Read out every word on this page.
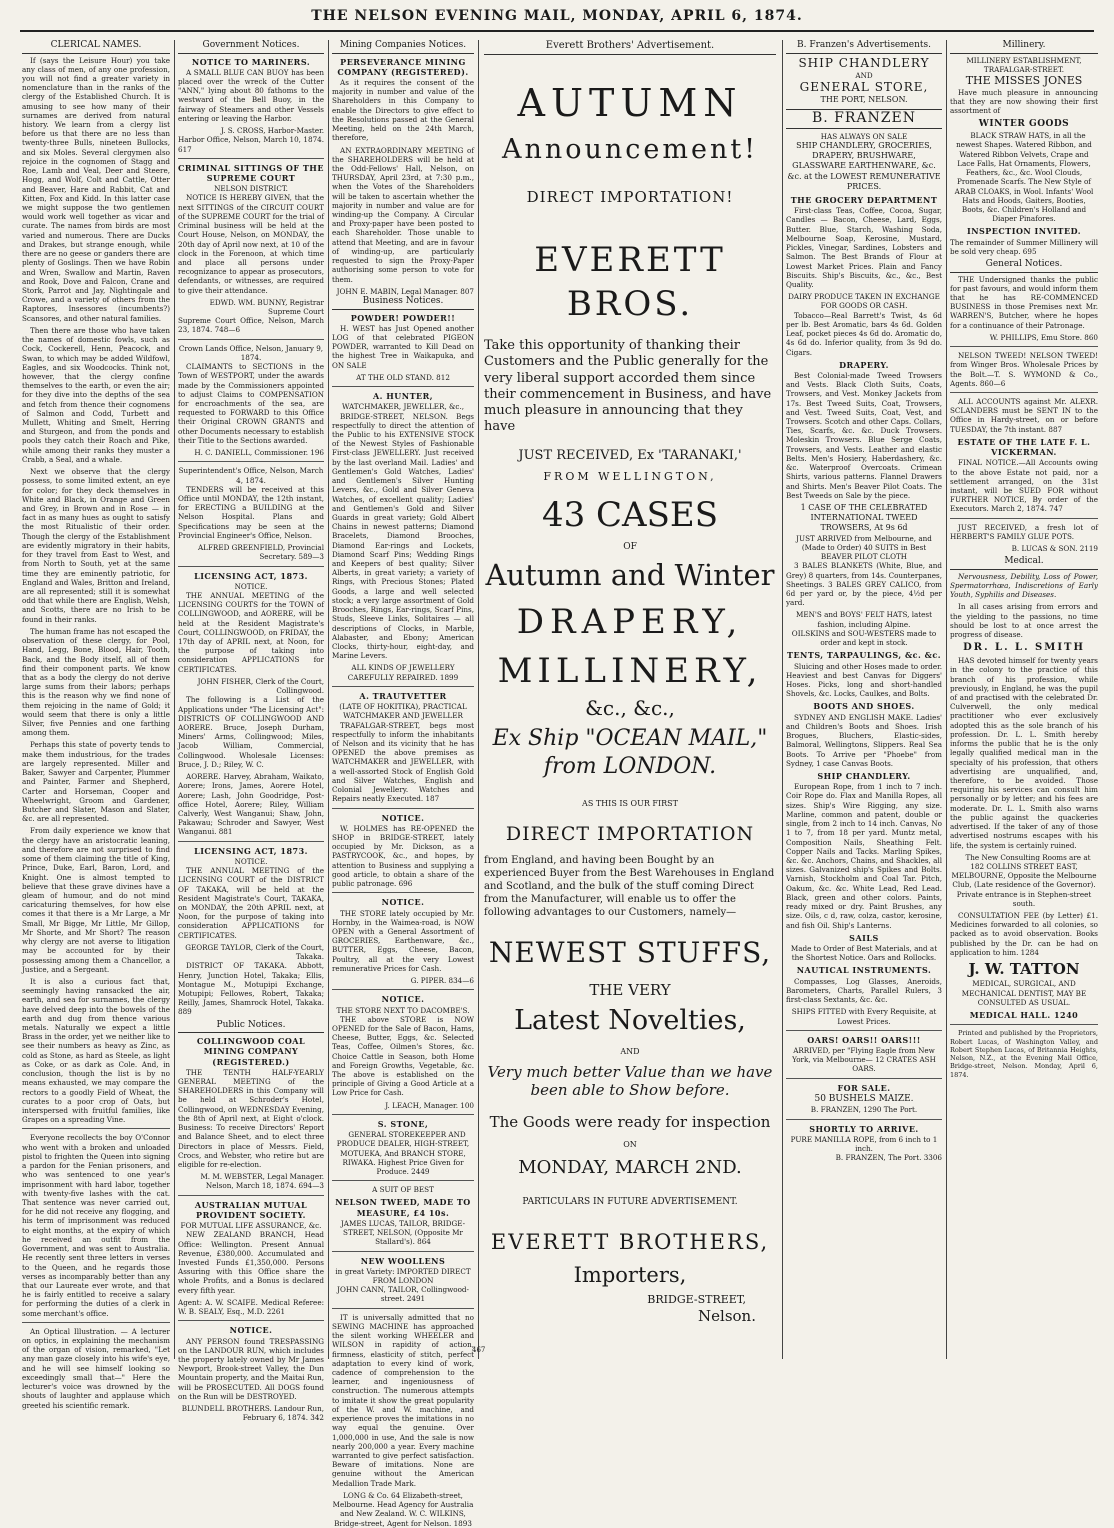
THE NELSON EVENING MAIL, MONDAY, APRIL 6, 1874.
CLERICAL NAMES.

If (says the Leisure Hour) you take any class of men, of any one profession, you will not find a greater variety in nomenclature than in the ranks of the clergy of the Established Church. It is amusing to see how many of their surnames are derived from natural history. We learn from a clergy list before us that there are no less than twenty-three Bulls, nineteen Bullocks, and six Moles. Several clergymen also rejoice in the cognomen of Stagg and Roe, Lamb and Veal, Deer and Steere, Hogg, and Wolf, Colt and Cattle, Otter and Beaver, Hare and Rabbit, Cat and Kitten, Fox and Kidd. In this latter case we might suppose the two gentlemen would work well together as vicar and curate. The names from birds are most varied and numerous. There are Ducks and Drakes, but strange enough, while there are no geese or ganders there are plenty of Goslings. Then we have Robin and Wren, Swallow and Martin, Raven and Rook, Dove and Falcon, Crane and Stork, Parrot and Jay, Nightingale and Crowe, and a variety of others from the Raptores, Insessores (incumbents?) Scansores, and other natural families.

Then there are those who have taken the names of domestic fowls, such as Cock, Cockerell, Henn, Peacock, and Swan, to which may be added Wildfowl, Eagles, and six Woodcocks. Think not, however, that the clergy confine themselves to the earth, or even the air; for they dive into the depths of the sea and fetch from thence their cognomens of Salmon and Codd, Turbett and Mullett, Whiting and Smelt, Herring and Sturgeon, and from the ponds and pools they catch their Roach and Pike, while among their ranks they muster a Crabb, a Seal, and a whale.

Next we observe that the clergy possess, to some limited extent, an eye for color; for they deck themselves in White and Black, in Orange and Green and Grey, in Brown and in Rose — in fact in as many hues as ought to satisfy the most Ritualistic of their order. Though the clergy of the Establishment are evidently migratory in their habits, for they travel from East to West, and from North to South, yet at the same time they are eminently patriotic, for England and Wales, Britton and Ireland, are all represented; still it is somewhat odd that while there are English, Welsh, and Scotts, there are no Irish to be found in their ranks.

The human frame has not escaped the observation of these clergy, for Pool, Hand, Legg, Bone, Blood, Hair, Tooth, Back, and the Body itself, all of them find their component parts. We know that as a body the clergy do not derive large sums from their labors; perhaps this is the reason why we find none of them rejoicing in the name of Gold; it would seem that there is only a little Silver, five Pennies and one farthing among them.

Perhaps this state of poverty tends to make them industrious, for the trades are largely represented. Miller and Baker, Sawyer and Carpenter, Plummer and Painter, Farmer and Shepherd, Carter and Horseman, Cooper and Wheelwright, Groom and Gardener, Butcher and Slater, Mason and Slater, &c. are all represented.

From daily experience we know that the clergy have an aristocratic leaning, and therefore are not surprised to find some of them claiming the title of King, Prince, Duke, Earl, Baron, Lord, and Knight. One is almost tempted to believe that these grave divines have a gleam of humour, and do not mind caricaturing themselves, for how else comes it that there is a Mr Large, a Mr Small, Mr Bigge, Mr Little, Mr Gillop, Mr Shorte, and Mr Short? The reason why clergy are not averse to litigation may be accounted for by their possessing among them a Chancellor, a Justice, and a Sergeant.

It is also a curious fact that, seemingly having ransacked the air, earth, and sea for surnames, the clergy have delved deep into the bowels of the earth and dug from thence various metals. Naturally we expect a little Brass in the order, yet we neither like to see their numbers as heavy as Zinc, as cold as Stone, as hard as Steele, as light as Coke, or as dark as Cole. And, in conclusion, though the list is by no means exhausted, we may compare the rectors to a goodly Field of Wheat, the curates to a poor crop of Oats, but interspersed with fruitful families, like Grapes on a spreading Vine.

Everyone recollects the boy O'Connor who went with a broken and unloaded pistol to frighten the Queen into signing a pardon for the Fenian prisoners, and who was sentenced to one year's imprisonment with hard labor, together with twenty-five lashes with the cat. That sentence was never carried out, for he did not receive any flogging, and his term of imprisonment was reduced to eight months, at the expiry of which he received an outfit from the Government, and was sent to Australia. He recently sent three letters in verses to the Queen, and he regards those verses as incomparably better than any that our Laureate ever wrote, and that he is fairly entitled to receive a salary for performing the duties of a clerk in some merchant's office.

An Optical Illustration. — A lecturer on optics, in explaining the mechanism of the organ of vision, remarked, "Let any man gaze closely into his wife's eye, and he will see himself looking so exceedingly small that—" Here the lecturer's voice was drowned by the shouts of laughter and applause which greeted his scientific remark.

Government Notices.
NOTICE TO MARINERS.

A SMALL BLUE CAN BUOY has been placed over the wreck of the Cutter "ANN," lying about 80 fathoms to the westward of the Bell Buoy, in the fairway of Steamers and other Vessels entering or leaving the Harbor.

J. S. CROSS, Harbor-Master.
Harbor Office, Nelson, March 10, 1874. 617
CRIMINAL SITTINGS OF THE SUPREME COURT
NELSON DISTRICT.

NOTICE IS HEREBY GIVEN, that the next SITTINGS of the CIRCUIT COURT of the SUPREME COURT for the trial of Criminal business will be held at the Court House, Nelson, on MONDAY, the 20th day of April now next, at 10 of the clock in the Forenoon, at which time and place all persons under recognizance to appear as prosecutors, defendants, or witnesses, are required to give their attendance.

EDWD. WM. BUNNY, Registrar Supreme Court
Supreme Court Office, Nelson, March 23, 1874. 748—6
Crown Lands Office, Nelson, January 9, 1874.

CLAIMANTS to SECTIONS in the Town of WESTPORT, under the awards made by the Commissioners appointed to adjust Claims to COMPENSATION for encroachments of the sea, are requested to FORWARD to this Office their Original CROWN GRANTS and other Documents necessary to establish their Title to the Sections awarded.

H. C. DANIELL, Commissioner. 196
Superintendent's Office, Nelson, March 4, 1874.

TENDERS will be received at this Office until MONDAY, the 12th instant, for ERECTING a BUILDING at the Nelson Hospital. Plans and Specifications may be seen at the Provincial Engineer's Office, Nelson.

ALFRED GREENFIELD, Provincial Secretary. 589—3
LICENSING ACT, 1873.
NOTICE.

THE ANNUAL MEETING of the LICENSING COURTS for the TOWN of COLLINGWOOD, and AORERE, will be held at the Resident Magistrate's Court, COLLINGWOOD, on FRIDAY, the 17th day of APRIL next, at Noon, for the purpose of taking into consideration APPLICATIONS for CERTIFICATES.

JOHN FISHER, Clerk of the Court, Collingwood.

The following is a List of the Applications under "The Licensing Act": DISTRICTS OF COLLINGWOOD AND AORERE. Bruce, Joseph Durham, Miners' Arms, Collingwood; Miles, Jacob William, Commercial, Collingwood. Wholesale Licenses: Bruce, J. D.; Riley, W. C.

AORERE. Harvey, Abraham, Waikato, Aorere; Irons, James, Aorere Hotel, Aorere; Lash, John Goodridge, Post-office Hotel, Aorere; Riley, William Calverly, West Wanganui; Shaw, John, Pakawau; Schroder and Sawyer, West Wanganui. 881

LICENSING ACT, 1873.
NOTICE.

THE ANNUAL MEETING of the LICENSING COURT of the DISTRICT OF TAKAKA, will be held at the Resident Magistrate's Court, TAKAKA, on MONDAY, the 20th APRIL next, at Noon, for the purpose of taking into consideration APPLICATIONS for CERTIFICATES.

GEORGE TAYLOR, Clerk of the Court, Takaka.

DISTRICT OF TAKAKA. Abbott, Henry, Junction Hotel, Takaka; Ellis, Montague M., Motupipi Exchange, Motupipi; Fellowes, Robert, Takaka; Reilly, James, Shamrock Hotel, Takaka. 889

Public Notices.
COLLINGWOOD COAL MINING COMPANY (REGISTERED.)

THE TENTH HALF-YEARLY GENERAL MEETING of the SHAREHOLDERS in this Company will be held at Schroder's Hotel, Collingwood, on WEDNESDAY Evening, the 8th of April next, at Eight o'clock. Business: To receive Directors' Report and Balance Sheet, and to elect three Directors in place of Messrs. Field, Crocs, and Webster, who retire but are eligible for re-election.

M. M. WEBSTER, Legal Manager. Nelson, March 18, 1874. 694—3
AUSTRALIAN MUTUAL PROVIDENT SOCIETY.
FOR MUTUAL LIFE ASSURANCE, &c.

NEW ZEALAND BRANCH, Head Office: Wellington. Present Annual Revenue, £380,000. Accumulated and Invested Funds £1,350,000. Persons Assuring with this Office share the whole Profits, and a Bonus is declared every fifth year.

Agent: A. W. SCAIFE. Medical Referee: W. B. SEALY, Esq., M.D. 2261
NOTICE.

ANY PERSON found TRESPASSING on the LANDOUR RUN, which includes the property lately owned by Mr James Newport, Brook-street Valley, the Dun Mountain property, and the Maitai Run, will be PROSECUTED. All DOGS found on the Run will be DESTROYED.

BLUNDELL BROTHERS. Landour Run, February 6, 1874. 342
Mining Companies Notices.
PERSEVERANCE MINING COMPANY (REGISTERED).

As it requires the consent of the majority in number and value of the Shareholders in this Company to enable the Directors to give effect to the Resolutions passed at the General Meeting, held on the 24th March, therefore,

AN EXTRAORDINARY MEETING of the SHAREHOLDERS will be held at the Odd-Fellows' Hall, Nelson, on THURSDAY, April 23rd, at 7:30 p.m., when the Votes of the Shareholders will be taken to ascertain whether the majority in number and value are for winding-up the Company. A Circular and Proxy-paper have been posted to each Shareholder. Those unable to attend that Meeting, and are in favour of winding-up, are particularly requested to sign the Proxy-Paper authorising some person to vote for them.

JOHN E. MABIN, Legal Manager. 807
Business Notices.
POWDER! POWDER!!

H. WEST has Just Opened another LOG of that celebrated PIGEON POWDER, warranted to Kill Dead on the highest Tree in Waikapuka, and ON SALE

AT THE OLD STAND. 812
A. HUNTER,
WATCHMAKER, JEWELLER, &c.,

BRIDGE-STREET, NELSON. Begs respectfully to direct the attention of the Public to his EXTENSIVE STOCK of the Newest Styles of Fashionable First-class JEWELLERY. Just received by the last overland Mail. Ladies' and Gentlemen's Gold Watches, Ladies' and Gentlemen's Silver Hunting Levers, &c., Gold and Silver Geneva Watches, of excellent quality; Ladies' and Gentlemen's Gold and Silver Guards in great variety; Gold Albert Chains in newest patterns; Diamond Bracelets, Diamond Brooches, Diamond Ear-rings and Lockets, Diamond Scarf Pins; Wedding Rings and Keepers of best quality; Silver Alberts, in great variety; a variety of Rings, with Precious Stones; Plated Goods, a large and well selected stock; a very large assortment of Gold Brooches, Rings, Ear-rings, Scarf Pins, Studs, Sleeve Links, Solitaires — all descriptions of Clocks, in Marble, Alabaster, and Ebony; American Clocks, thirty-hour, eight-day, and Marine Levers.

ALL KINDS OF JEWELLERY CAREFULLY REPAIRED. 1899
A. TRAUTVETTER
(LATE OF HOKITIKA), PRACTICAL WATCHMAKER AND JEWELLER

TRAFALGAR-STREET, begs most respectfully to inform the inhabitants of Nelson and its vicinity that he has OPENED the above premises as WATCHMAKER and JEWELLER, with a well-assorted Stock of English Gold and Silver Watches, English and Colonial Jewellery. Watches and Repairs neatly Executed. 187

NOTICE.

W. HOLMES has RE-OPENED the SHOP in BRIDGE-STREET, lately occupied by Mr. Dickson, as a PASTRYCOOK, &c., and hopes, by attention to Business and supplying a good article, to obtain a share of the public patronage. 696

NOTICE.

THE STORE lately occupied by Mr. Hornby, in the Waimea-road, is NOW OPEN with a General Assortment of GROCERIES, Earthenware, &c., BUTTER, Eggs, Cheese, Bacon, Poultry, all at the very Lowest remunerative Prices for Cash.

G. PIPER. 834—6
NOTICE.
THE STORE NEXT TO DACOMBE'S.

THE above STORE is NOW OPENED for the Sale of Bacon, Hams, Cheese, Butter, Eggs, &c. Selected Teas, Coffee, Oilmen's Stores, &c. Choice Cattle in Season, both Home and Foreign Growths, Vegetable, &c. The above is established on the principle of Giving a Good Article at a Low Price for Cash.

J. LEACH, Manager. 100
S. STONE,

GENERAL STOREKEEPER AND PRODUCE DEALER, HIGH-STREET, MOTUEKA, And BRANCH STORE, RIWAKA. Highest Price Given for Produce. 2449

A SUIT OF BEST
NELSON TWEED, MADE TO MEASURE, £4 10s.
JAMES LUCAS, TAILOR, BRIDGE-STREET, NELSON, (Opposite Mr Stallard's). 864
NEW WOOLLENS
in great Variety: IMPORTED DIRECT FROM LONDON
JOHN CANN, TAILOR, Collingwood-street. 2491

IT is universally admitted that no SEWING MACHINE has approached the silent working WHEELER and WILSON in rapidity of action, firmness, elasticity of stitch, perfect adaptation to every kind of work, cadence of comprehension to the learner, and ingeniousness of construction. The numerous attempts to imitate it show the great popularity of the W. and W. machine, and experience proves the imitations in no way equal the genuine. Over 1,000,000 in use, And the sale is now nearly 200,000 a year. Every machine warranted to give perfect satisfaction. Beware of imitations. None are genuine without the American Medallion Trade Mark.

LONG & Co. 64 Elizabeth-street, Melbourne. Head Agency for Australia and New Zealand. W. C. WILKINS, Bridge-street, Agent for Nelson. 1893
Everett Brothers' Advertisement.
AUTUMN
Announcement!
DIRECT IMPORTATION!
EVERETT BROS.
Take this opportunity of thanking their Customers and the Public generally for the very liberal support accorded them since their commencement in Business, and have much pleasure in announcing that they have
JUST RECEIVED, Ex 'TARANAKI,'
FROM WELLINGTON,
43 CASES
OF
Autumn and Winter
DRAPERY,
MILLINERY,
&c., &c.,
Ex Ship "OCEAN MAIL,"
from LONDON.
AS THIS IS OUR FIRST
DIRECT IMPORTATION
from England, and having been Bought by an experienced Buyer from the Best Warehouses in England and Scotland, and the bulk of the stuff coming Direct from the Manufacturer, will enable us to offer the following advantages to our Customers, namely—
NEWEST STUFFS,
THE VERY
Latest Novelties,
AND
Very much better Value than we have been able to Show before.
The Goods were ready for inspection
ON
MONDAY, MARCH 2ND.
PARTICULARS IN FUTURE ADVERTISEMENT.
EVERETT BROTHERS,
Importers,
BRIDGE-STREET,
Nelson.
467
B. Franzen's Advertisements.
SHIP CHANDLERY
AND
GENERAL STORE,
THE PORT, NELSON.
B. FRANZEN
HAS ALWAYS ON SALE
SHIP CHANDLERY, GROCERIES, DRAPERY, BRUSHWARE, GLASSWARE EARTHENWARE, &c. &c. at the LOWEST REMUNERATIVE PRICES.
THE GROCERY DEPARTMENT

First-class Teas, Coffee, Cocoa, Sugar, Candles — Bacon, Cheese, Lard, Eggs, Butter. Blue, Starch, Washing Soda, Melbourne Soap, Kerosine, Mustard, Pickles, Vinegar, Sardines, Lobsters and Salmon. The Best Brands of Flour at Lowest Market Prices. Plain and Fancy Biscuits. Ship's Biscuits, &c., &c., Best Quality.

DAIRY PRODUCE TAKEN IN EXCHANGE FOR GOODS OR CASH.

Tobacco—Real Barrett's Twist, 4s 6d per lb. Best Aromatic, bars 4s 6d. Golden Leaf, pocket pieces 4s 6d do. Aromatic do, 4s 6d do. Inferior quality, from 3s 9d do. Cigars.

DRAPERY.

Best Colonial-made Tweed Trowsers and Vests. Black Cloth Suits, Coats, Trowsers, and Vest. Monkey Jackets from 17s. Best Tweed Suits, Coat, Trowsers, and Vest. Tweed Suits, Coat, Vest, and Trowsers. Scotch and other Caps. Collars, Ties, Scarfs, &c. &c. Duck Trowsers. Moleskin Trowsers. Blue Serge Coats, Trowsers, and Vests. Leather and elastic Belts. Men's Hosiery, Haberdashery, &c. &c. Waterproof Overcoats. Crimean Shirts, various patterns. Flannel Drawers and Shirts. Men's Beaver Pilot Coats. The Best Tweeds on Sale by the piece.

1 CASE OF THE CELEBRATED INTERNATIONAL TWEED TROWSERS, At 9s 6d
JUST ARRIVED from Melbourne, and (Made to Order) 40 SUITS in Best BEAVER PILOT CLOTH

3 BALES BLANKETS (White, Blue, and Grey) 8 quarters, from 14s. Counterpanes, Sheetings. 3 BALES GREY CALICO, from 6d per yard or, by the piece, 4½d per yard.

MEN'S and BOYS' FELT HATS, latest fashion, including Alpine.
OILSKINS and SOU-WESTERS made to order and kept in stock.
TENTS, TARPAULINGS, &c. &c.

Sluicing and other Hoses made to order. Heaviest and best Canvas for Diggers' Hoses. Picks, long and short-handled Shovels, &c. Locks, Caulkes, and Bolts.

BOOTS AND SHOES.

SYDNEY AND ENGLISH MAKE. Ladies' and Children's Boots and Shoes. Irish Brogues, Bluchers, Elastic-sides, Balmoral, Wellingtons, Slippers. Real Sea Boots. To Arrive per "Phoebe" from Sydney, 1 case Canvas Boots.

SHIP CHANDLERY.

European Rope, from 1 inch to 7 inch. Coir Rope do. Flax and Manilla Ropes, all sizes. Ship's Wire Rigging, any size. Marline, common and patent, double or single, from 2 inch to 14 inch. Canvas, No 1 to 7, from 18 per yard. Muntz metal, Composition Nails, Sheathing Felt. Copper Nails and Tacks. Marling Spikes, &c. &c. Anchors, Chains, and Shackles, all sizes. Galvanized ship's Spikes and Bolts. Varnish, Stockholm and Coal Tar. Pitch, Oakum, &c. &c. White Lead, Red Lead. Black, green and other colors. Paints, ready mixed or dry. Paint Brushes, any size. Oils, c d, raw, colza, castor, kerosine, and fish Oil. Ship's Lanterns.

SAILS
Made to Order of Best Materials, and at the Shortest Notice. Oars and Rollocks.
NAUTICAL INSTRUMENTS.

Compasses, Log Glasses, Aneroids, Barometers, Charts, Parallel Rulers, 3 first-class Sextants, &c. &c.

SHIPS FITTED with Every Requisite, at Lowest Prices.
OARS! OARS!! OARS!!!
ARRIVED, per "Flying Eagle from New York, via Melbourne— 12 CRATES ASH OARS.
FOR SALE.
50 BUSHELS MAIZE.
B. FRANZEN, 1290 The Port.
SHORTLY TO ARRIVE.
PURE MANILLA ROPE, from 6 inch to 1 inch.
B. FRANZEN, The Port. 3306
Millinery.
MILLINERY ESTABLISHMENT, TRAFALGAR-STREET.
THE MISSES JONES

Have much pleasure in announcing that they are now showing their first assortment of

WINTER GOODS

BLACK STRAW HATS, in all the newest Shapes. Watered Ribbon, and Watered Ribbon Velvets, Crape and Lace Falls, Hat Ornaments, Flowers, Feathers, &c., &c. Wool Clouds, Promenade Scarfs. The New Style of ARAB CLOAKS, in Wool. Infants' Wool Hats and Hoods, Gaiters, Booties, Boots, &c. Children's Holland and Diaper Pinafores.

INSPECTION INVITED.
The remainder of Summer Millinery will be sold very cheap. 695
General Notices.

THE Undersigned thanks the public for past favours, and would inform them that he has RE-COMMENCED BUSINESS in those Premises next Mr. WARREN'S, Butcher, where he hopes for a continuance of their Patronage.

W. PHILLIPS, Emu Store. 860

NELSON TWEED! NELSON TWEED! from Winger Bros. Wholesale Prices by the Bolt.—T. S. WYMOND & Co., Agents. 860—6

ALL ACCOUNTS against Mr. ALEXR. SCLANDERS must be SENT IN to the Office in Hardy-street, on or before TUESDAY, the 7th instant. 887

ESTATE OF THE LATE F. L. VICKERMAN.

FINAL NOTICE.—All Accounts owing to the above Estate not paid, nor a settlement arranged, on the 31st instant, will be SUED FOR without FURTHER NOTICE, By order of the Executors. March 2, 1874. 747

JUST RECEIVED, a fresh lot of HERBERT'S FAMILY GLUE POTS.

B. LUCAS & SON. 2119
Medical.

Nervousness, Debility, Loss of Power, Spermatorrhœa, Indiscretions of Early Youth, Syphilis and Diseases.

In all cases arising from errors and the yielding to the passions, no time should be lost to at once arrest the progress of disease.

DR. L. L. SMITH

HAS devoted himself for twenty years in the colony to the practice of this branch of his profession, while previously, in England, he was the pupil of and practised with the celebrated Dr. Culverwell, the only medical practitioner who ever exclusively adopted this as the sole branch of his profession. Dr. L. L. Smith hereby informs the public that he is the only legally qualified medical man in the specialty of his profession, that others advertising are unqualified, and, therefore, to be avoided. Those requiring his services can consult him personally or by letter; and his fees are moderate. Dr. L. L. Smith also warns the public against the quackeries advertised. If the taker of any of those advertised nostrums escapes with his life, the system is certainly ruined.

The New Consulting Rooms are at 182 COLLINS STREET EAST, MELBOURNE, Opposite the Melbourne Club, (Late residence of the Governor). Private entrance is in Stephen-street south.

CONSULTATION FEE (by Letter) £1. Medicines forwarded to all colonies, so packed as to avoid observation. Books published by the Dr. can be had on application to him. 1284

J. W. TATTON
MEDICAL, SURGICAL, AND MECHANICAL DENTIST, MAY BE CONSULTED AS USUAL.
MEDICAL HALL. 1240

Printed and published by the Proprietors, Robert Lucas, of Washington Valley, and Robert Stephen Lucas, of Britannia Heights, Nelson, N.Z., at the Evening Mail Office, Bridge-street, Nelson. Monday, April 6, 1874.
